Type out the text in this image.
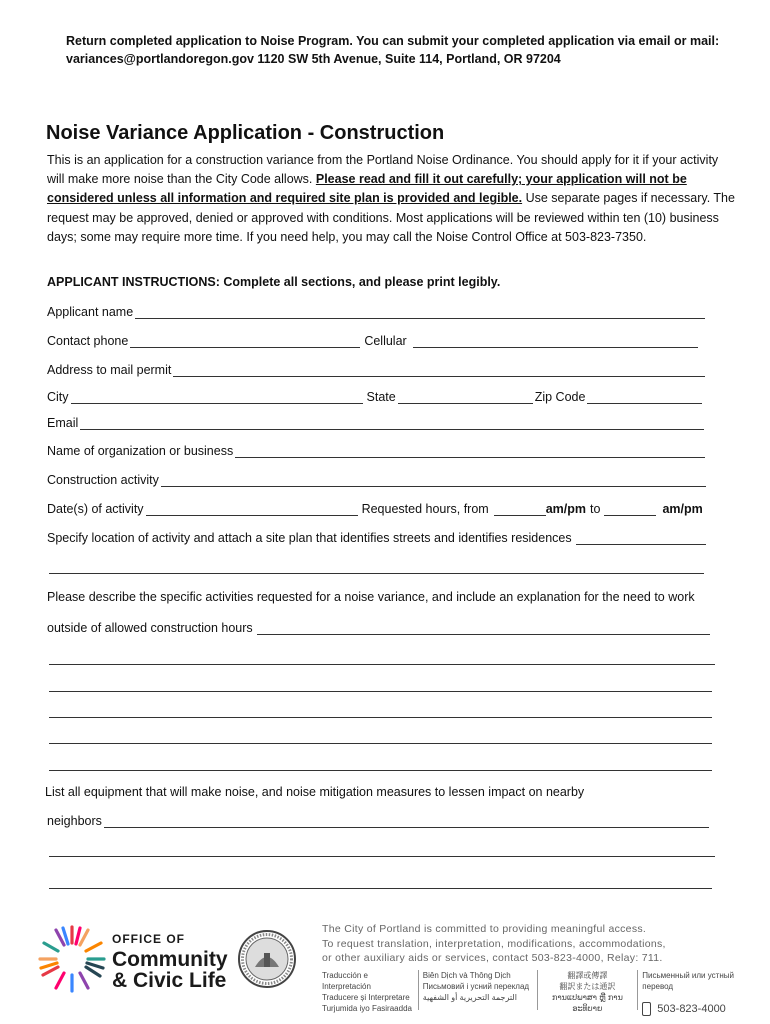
Return completed application to Noise Program. You can submit your completed application via email or mail:
variances@portlandoregon.gov 1120 SW 5th Avenue, Suite 114, Portland, OR 97204
Noise Variance Application - Construction
This is an application for a construction variance from the Portland Noise Ordinance. You should apply for it if your activity will make more noise than the City Code allows. Please read and fill it out carefully; your application will not be considered unless all information and required site plan is provided and legible. Use separate pages if necessary. The request may be approved, denied or approved with conditions. Most applications will be reviewed within ten (10) business days; some may require more time. If you need help, you may call the Noise Control Office at 503-823-7350.
APPLICANT INSTRUCTIONS: Complete all sections, and please print legibly.
Applicant name
Contact phone	Cellular
Address to mail permit
City	State	Zip Code
Email
Name of organization or business
Construction activity
Date(s) of activity	Requested hours, from	am/pm to	am/pm
Specify location of activity and attach a site plan that identifies streets and identifies residences
Please describe the specific activities requested for a noise variance, and include an explanation for the need to work
outside of allowed construction hours
List all equipment that will make noise, and noise mitigation measures to lessen impact on nearby
neighbors
OFFICE OF
Community
& Civic Life
The City of Portland is committed to providing meaningful access.
To request translation, interpretation, modifications, accommodations,
or other auxiliary aids or services, contact 503-823-4000, Relay: 711.
Traducción e Interpretación
Traducere și Interpretare
Turjumida iyo Fasiraadda
Biên Dịch và Thông Dịch
Письмовий і усний переклад
الترجمة التحريرية أو الشفهية
翻譯或傳譯
翻訳または通訳
ການແປພາສາ ຫຼື ການອະທິບາຍ
Письменный или устный перевод
503-823-4000
